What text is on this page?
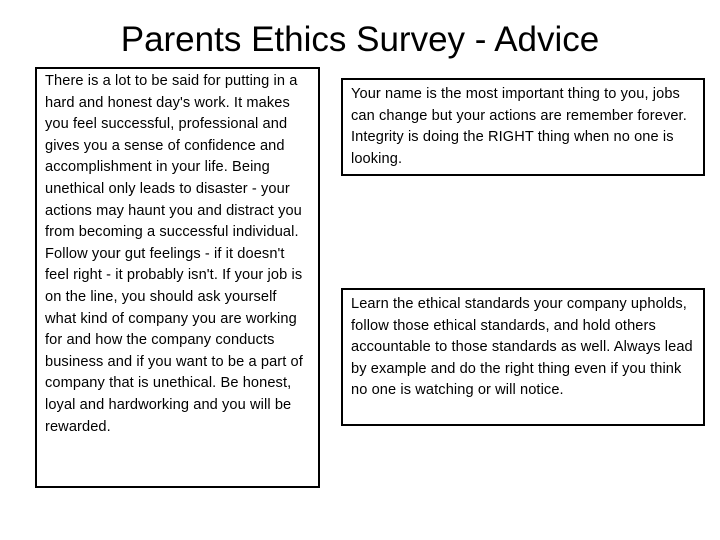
Parents Ethics Survey - Advice
There is a lot to be said for putting in a hard and honest day's work. It makes you feel successful, professional and gives you a sense of confidence and accomplishment in your life. Being unethical only leads to disaster - your actions may haunt you and distract you from becoming a successful individual. Follow your gut feelings - if it doesn't feel right - it probably isn't. If your job is on the line, you should ask yourself what kind of company you are working for and how the company conducts business and if you want to be a part of company that is unethical. Be honest, loyal and hardworking and you will be rewarded.
Your name is the most important thing to you, jobs can change but your actions are remember forever. Integrity is doing the RIGHT thing when no one is looking.
Learn the ethical standards your company upholds, follow those ethical standards, and hold others accountable to those standards as well. Always lead by example and do the right thing even if you think no one is watching or will notice.
